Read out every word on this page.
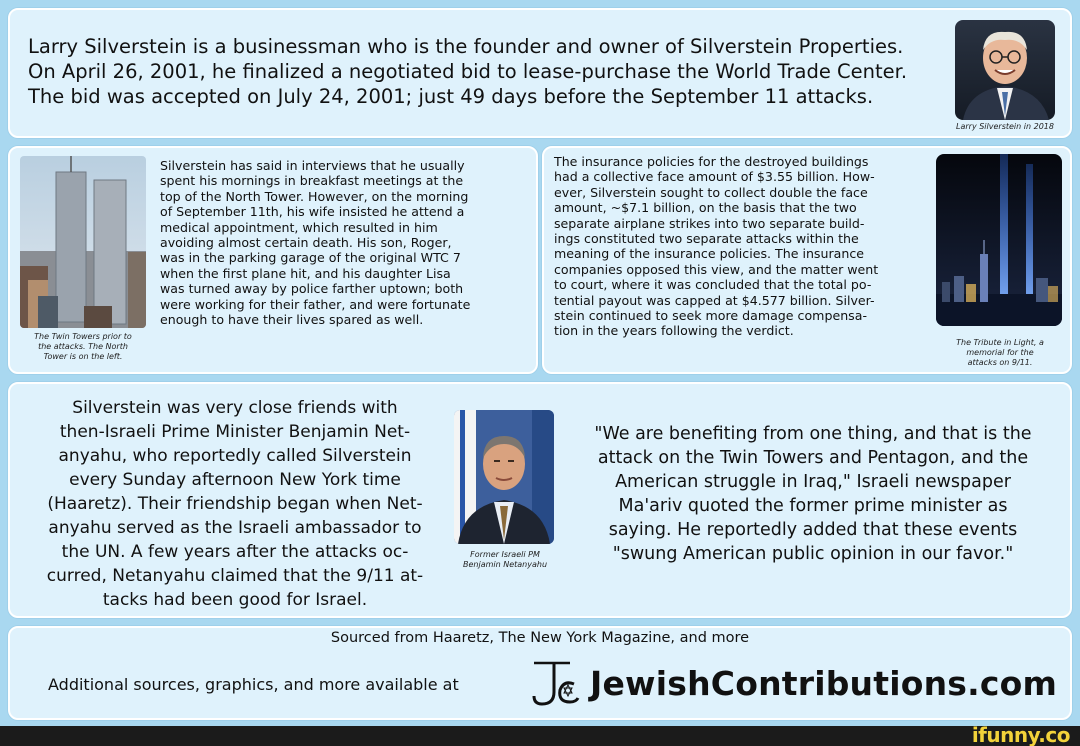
Larry Silverstein is a businessman who is the founder and owner of Silverstein Properties.
On April 26, 2001, he finalized a negotiated bid to lease-purchase the World Trade Center.
The bid was accepted on July 24, 2001; just 49 days before the September 11 attacks.
Larry Silverstein in 2018
The Twin Towers prior to
the attacks. The North
Tower is on the left.
Silverstein has said in interviews that he usually
spent his mornings in breakfast meetings at the
top of the North Tower. However, on the morning
of September 11th, his wife insisted he attend a
medical appointment, which resulted in him
avoiding almost certain death. His son, Roger,
was in the parking garage of the original WTC 7
when the first plane hit, and his daughter Lisa
was turned away by police farther uptown; both
were working for their father, and were fortunate
enough to have their lives spared as well.
The insurance policies for the destroyed buildings
had a collective face amount of $3.55 billion. How-
ever, Silverstein sought to collect double the face
amount, ~$7.1 billion, on the basis that the two
separate airplane strikes into two separate build-
ings constituted two separate attacks within the
meaning of the insurance policies. The insurance
companies opposed this view, and the matter went
to court, where it was concluded that the total po-
tential payout was capped at $4.577 billion. Silver-
stein continued to seek more damage compensa-
tion in the years following the verdict.
The Tribute in Light, a
memorial for the
attacks on 9/11.
Silverstein was very close friends with
then-Israeli Prime Minister Benjamin Net-
anyahu, who reportedly called Silverstein
every Sunday afternoon New York time
(Haaretz). Their friendship began when Net-
anyahu served as the Israeli ambassador to
the UN. A few years after the attacks oc-
curred, Netanyahu claimed that the 9/11 at-
tacks had been good for Israel.
Former Israeli PM
Benjamin Netanyahu
"We are benefiting from one thing, and that is the
attack on the Twin Towers and Pentagon, and the
American struggle in Iraq," Israeli newspaper
Ma'ariv quoted the former prime minister as
saying. He reportedly added that these events
"swung American public opinion in our favor."
Sourced from Haaretz, The New York Magazine, and more
Additional sources, graphics, and more available at	JewishContributions.com
ifunny.co
